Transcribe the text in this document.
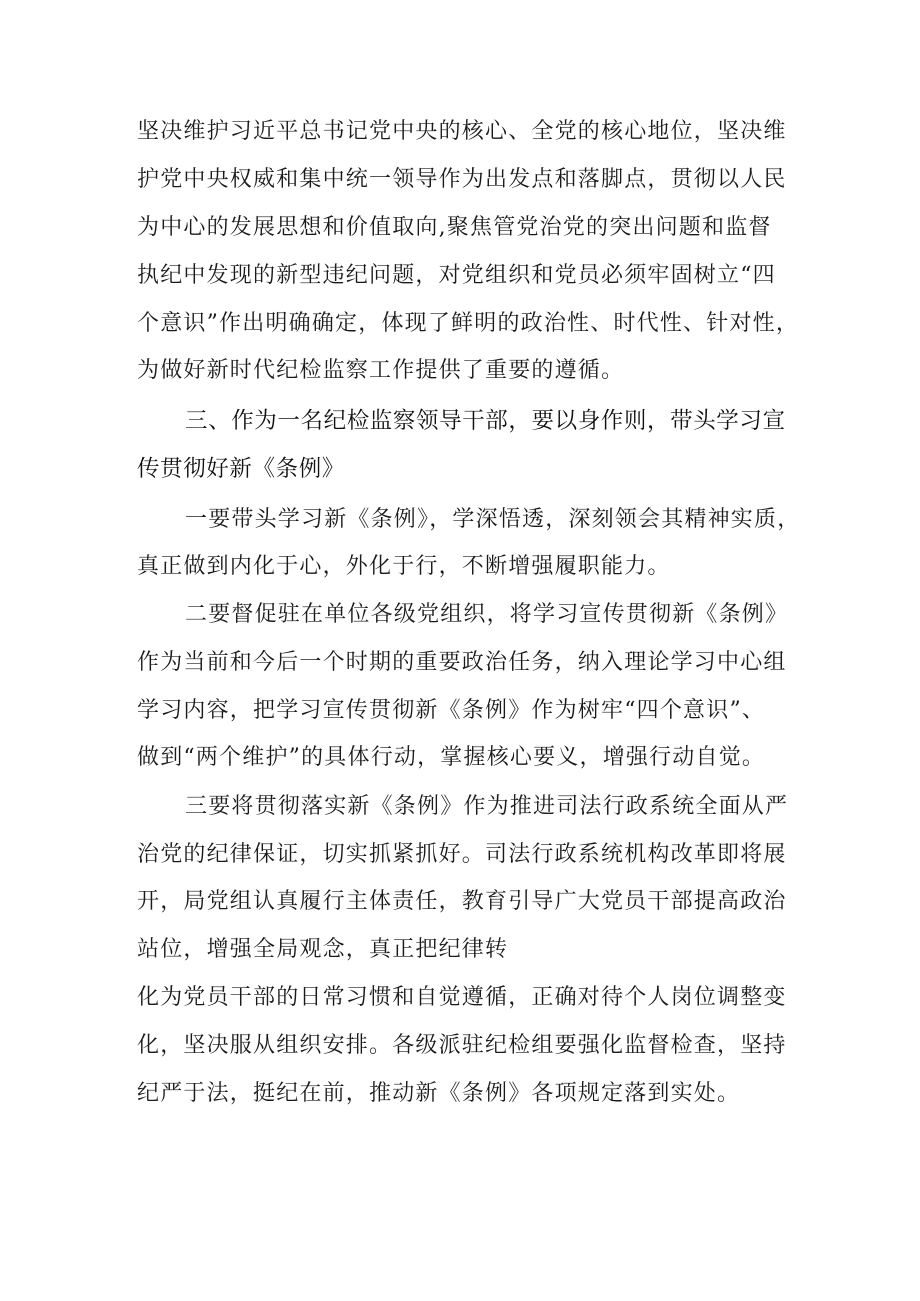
坚决维护习近平总书记党中央的核心、全党的核心地位，坚决维
护党中央权威和集中统一领导作为出发点和落脚点，贯彻以人民
为中心的发展思想和价值取向,聚焦管党治党的突出问题和监督
执纪中发现的新型违纪问题，对党组织和党员必须牢固树立“四
个意识”作出明确确定，体现了鲜明的政治性、时代性、针对性，
为做好新时代纪检监察工作提供了重要的遵循。
三、作为一名纪检监察领导干部，要以身作则，带头学习宣
传贯彻好新《条例》
一要带头学习新《条例》，学深悟透，深刻领会其精神实质，
真正做到内化于心，外化于行，不断增强履职能力。
二要督促驻在单位各级党组织，将学习宣传贯彻新《条例》
作为当前和今后一个时期的重要政治任务，纳入理论学习中心组
学习内容，把学习宣传贯彻新《条例》作为树牢“四个意识”、
做到“两个维护”的具体行动，掌握核心要义，增强行动自觉。
三要将贯彻落实新《条例》作为推进司法行政系统全面从严
治党的纪律保证，切实抓紧抓好。司法行政系统机构改革即将展
开，局党组认真履行主体责任，教育引导广大党员干部提高政治
站位，增强全局观念，真正把纪律转
化为党员干部的日常习惯和自觉遵循，正确对待个人岗位调整变
化，坚决服从组织安排。各级派驻纪检组要强化监督检查，坚持
纪严于法，挺纪在前，推动新《条例》各项规定落到实处。
